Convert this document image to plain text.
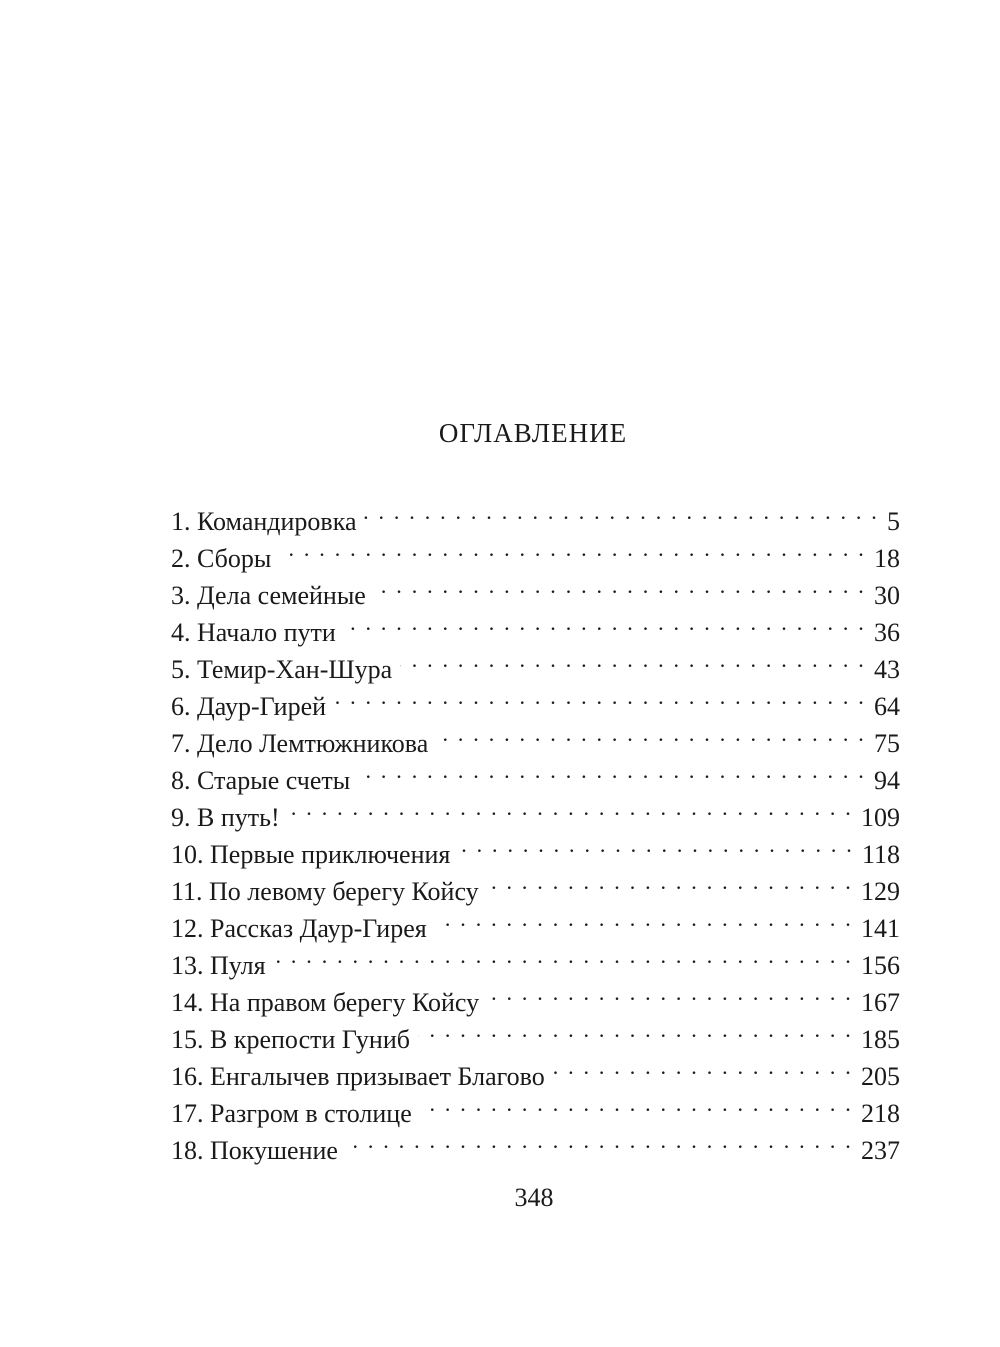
ОГЛАВЛЕНИЕ
1. Командировка . . .	5
2. Сборы . . .	18
3. Дела семейные . . .	30
4. Начало пути . . .	36
5. Темир-Хан-Шура . . .	43
6. Даур-Гирей . . .	64
7. Дело Лемтюжникова . . .	75
8. Старые счеты . . .	94
9. В путь! . . .	109
10. Первые приключения . . .	118
11. По левому берегу Койсу . . .	129
12. Рассказ Даур-Гирея . . .	141
13. Пуля . . .	156
14. На правом берегу Койсу . . .	167
15. В крепости Гуниб . . .	185
16. Енгалычев призывает Благово . . .	205
17. Разгром в столице . . .	218
18. Покушение . . .	237

348
